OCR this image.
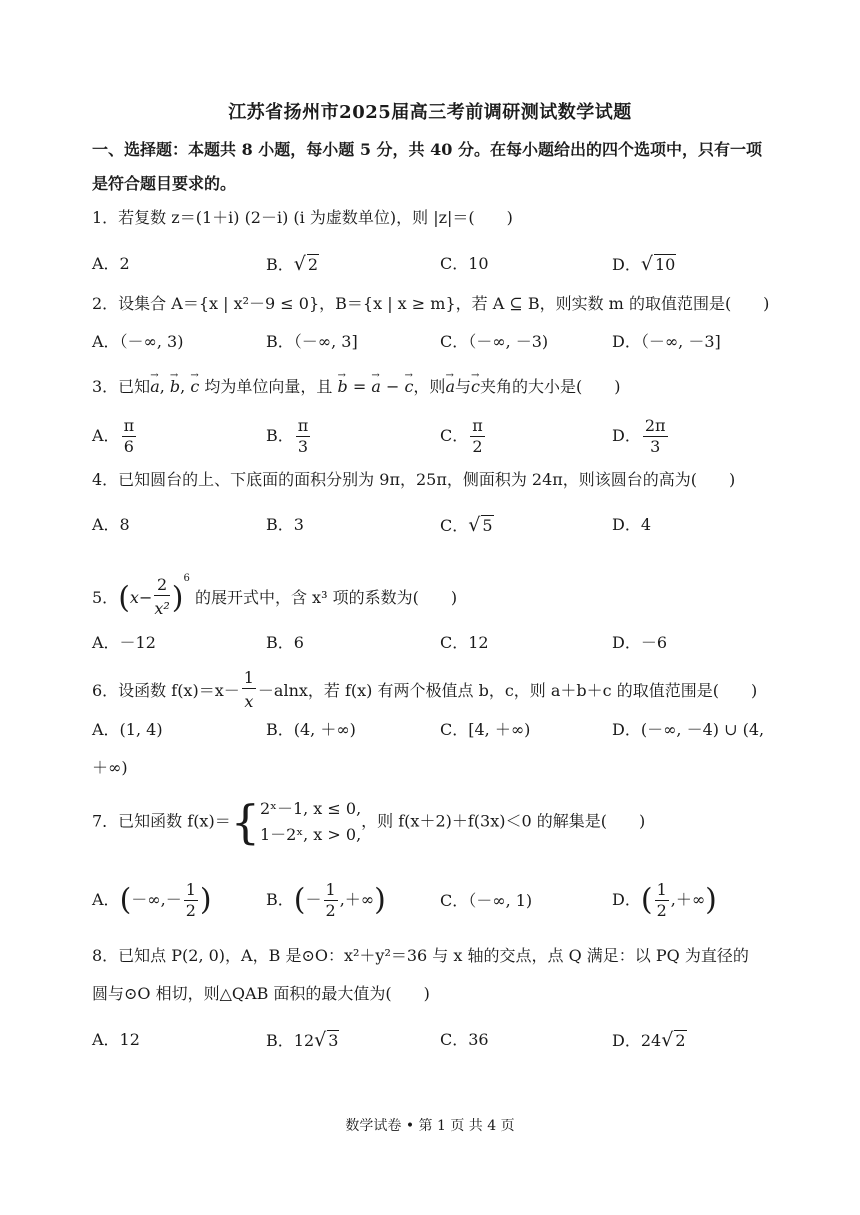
江苏省扬州市2025届高三考前调研测试数学试题
一、选择题：本题共 8 小题，每小题 5 分，共 40 分。在每小题给出的四个选项中，只有一项是符合题目要求的。
1．若复数 z＝(1＋i) (2－i) (i 为虚数单位)，则 |z|＝(　　)
A．2	B．√ 2	C．10	D．√ 10
2．设集合 A＝{x | x²－9 ≤ 0}，B＝{x | x ≥ m}，若 A ⊆ B，则实数 m 的取值范围是(　　)
A．（－∞, 3)	B．（－∞, 3]	C．（－∞, －3)	D．（－∞, －3]
3．已知→ a, → b, → c 均为单位向量，且 → b = → a − → c，则→ a与→ c夹角的大小是(　　)
A． $\frac{\pi}{6}$	B． $\frac{\pi}{3}$	C． $\frac{\pi}{2}$	D． $\frac{2\pi}{3}$
4．已知圆台的上、下底面的面积分别为 9π，25π，侧面积为 24π，则该圆台的高为(　　)
A．8	B．3	C．√ 5	D．4
5．$(x- \frac{2}{\text{x²}})^6$ 的展开式中，含 x³ 项的系数为(　　)
A．－12	B．6	C．12	D．－6
6．设函数 $f(x)=x- \frac{1}{x} -alnx$，若 f(x) 有两个极值点 b，c，则 a＋b＋c 的取值范围是(　　)
A．(1, 4)	B．(4, ＋∞)	C．[4, ＋∞)	D．(－∞, －4) ∪ (4,
＋∞)
7．已知函数 f(x)＝{ 2ˣ－1, x ≤ 0,
1－2ˣ, x > 0,
，则 f(x＋2)＋f(3x)＜0 的解集是(　　)
A．(－∞,－ $\frac{1}{2}$ )	B．(－ $\frac{1}{2}$ ,＋∞)	C．（－∞, 1)	D．( $\frac{1}{2}$ ,＋∞)
8．已知点 P(2, 0)，A，B 是⊙O：x²＋y²＝36 与 x 轴的交点，点 Q 满足：以 PQ 为直径的
圆与⊙O 相切，则△QAB 面积的最大值为(　　)
A．12	B．12√ 3	C．36	D．24√ 2
数学试卷 • 第 1 页 共 4 页
